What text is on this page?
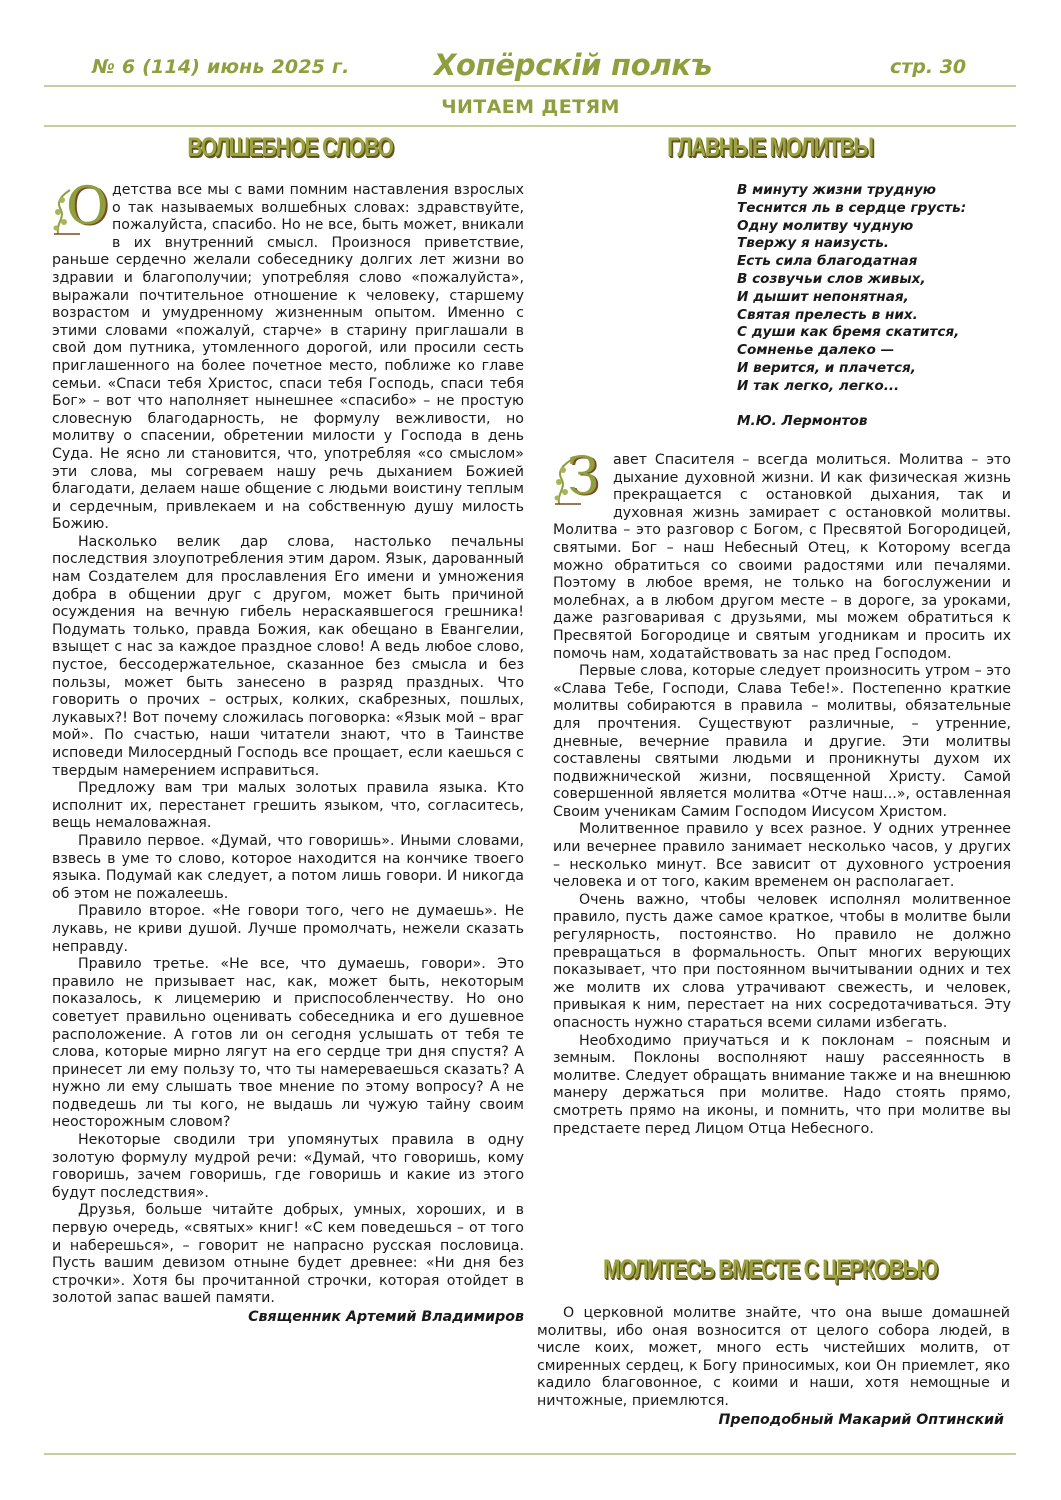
№ 6 (114) июнь 2025 г.	Хопёрскiй полкъ	стр. 30
ЧИТАЕМ ДЕТЯМ
ВОЛШЕБНОЕ СЛОВО
О детства все мы с вами помним наставления взрослых о так называемых волшебных словах: здравствуйте, пожалуйста, спасибо. Но не все, быть может, вникали в их внутренний смысл. Произнося приветствие, раньше сердечно желали собеседнику долгих лет жизни во здравии и благополучии; употребляя слово «пожалуйста», выражали почтительное отношение к человеку, старшему возрастом и умудренному жизненным опытом. Именно с этими словами «пожалуй, старче» в старину приглашали в свой дом путника, утомленного дорогой, или просили сесть приглашенного на более почетное место, поближе ко главе семьи. «Спаси тебя Христос, спаси тебя Господь, спаси тебя Бог» – вот что наполняет нынешнее «спасибо» – не простую словесную благодарность, не формулу вежливости, но молитву о спасении, обретении милости у Господа в день Суда. Не ясно ли становится, что, употребляя «со смыслом» эти слова, мы согреваем нашу речь дыханием Божией благодати, делаем наше общение с людьми воистину теплым и сердечным, привлекаем и на собственную душу милость Божию.

Насколько велик дар слова, настолько печальны последствия злоупотребления этим даром. Язык, дарованный нам Создателем для прославления Его имени и умножения добра в общении друг с другом, может быть причиной осуждения на вечную гибель нераскаявшегося грешника! Подумать только, правда Божия, как обещано в Евангелии, взыщет с нас за каждое праздное слово! А ведь любое слово, пустое, бессодержательное, сказанное без смысла и без пользы, может быть занесено в разряд праздных. Что говорить о прочих – острых, колких, скабрезных, пошлых, лукавых?! Вот почему сложилась поговорка: «Язык мой – враг мой». По счастью, наши читатели знают, что в Таинстве исповеди Милосердный Господь все прощает, если каешься с твердым намерением исправиться.

Предложу вам три малых золотых правила языка. Кто исполнит их, перестанет грешить языком, что, согласитесь, вещь немаловажная.

Правило первое. «Думай, что говоришь». Иными словами, взвесь в уме то слово, которое находится на кончике твоего языка. Подумай как следует, а потом лишь говори. И никогда об этом не пожалеешь.

Правило второе. «Не говори того, чего не думаешь». Не лукавь, не криви душой. Лучше промолчать, нежели сказать неправду.

Правило третье. «Не все, что думаешь, говори». Это правило не призывает нас, как, может быть, некоторым показалось, к лицемерию и приспособленчеству. Но оно советует правильно оценивать собеседника и его душевное расположение. А готов ли он сегодня услышать от тебя те слова, которые мирно лягут на его сердце три дня спустя? А принесет ли ему пользу то, что ты намереваешься сказать? А нужно ли ему слышать твое мнение по этому вопросу? А не подведешь ли ты кого, не выдашь ли чужую тайну своим неосторожным словом?

Некоторые сводили три упомянутых правила в одну золотую формулу мудрой речи: «Думай, что говоришь, кому говоришь, зачем говоришь, где говоришь и какие из этого будут последствия».

Друзья, больше читайте добрых, умных, хороших, и в первую очередь, «святых» книг! «С кем поведешься – от того и наберешься», – говорит не напрасно русская пословица. Пусть вашим девизом отныне будет древнее: «Ни дня без строчки». Хотя бы прочитанной строчки, которая отойдет в золотой запас вашей памяти.

Священник Артемий Владимиров
ГЛАВНЫЕ МОЛИТВЫ
В минуту жизни трудную
Теснится ль в сердце грусть:
Одну молитву чудную
Твержу я наизусть.
Есть сила благодатная
В созвучьи слов живых,
И дышит непонятная,
Святая прелесть в них.
С души как бремя скатится,
Сомненье далеко —
И верится, и плачется,
И так легко, легко...
М.Ю. Лермонтов
З авет Спасителя – всегда молиться. Молитва – это дыхание духовной жизни. И как физическая жизнь прекращается с остановкой дыхания, так и духовная жизнь замирает с остановкой молитвы. Молитва – это разговор с Богом, с Пресвятой Богородицей, святыми. Бог – наш Небесный Отец, к Которому всегда можно обратиться со своими радостями или печалями. Поэтому в любое время, не только на богослужении и молебнах, а в любом другом месте – в дороге, за уроками, даже разговаривая с друзьями, мы можем обратиться к Пресвятой Богородице и святым угодникам и просить их помочь нам, ходатайствовать за нас пред Господом.

Первые слова, которые следует произносить утром – это «Слава Тебе, Господи, Слава Тебе!». Постепенно краткие молитвы собираются в правила – молитвы, обязательные для прочтения. Существуют различные, – утренние, дневные, вечерние правила и другие. Эти молитвы составлены святыми людьми и проникнуты духом их подвижнической жизни, посвященной Христу. Самой совершенной является молитва «Отче наш...», оставленная Своим ученикам Самим Господом Иисусом Христом.

Молитвенное правило у всех разное. У одних утреннее или вечернее правило занимает несколько часов, у других – несколько минут. Все зависит от духовного устроения человека и от того, каким временем он располагает.

Очень важно, чтобы человек исполнял молитвенное правило, пусть даже самое краткое, чтобы в молитве были регулярность, постоянство. Но правило не должно превращаться в формальность. Опыт многих верующих показывает, что при постоянном вычитывании одних и тех же молитв их слова утрачивают свежесть, и человек, привыкая к ним, перестает на них сосредотачиваться. Эту опасность нужно стараться всеми силами избегать.

Необходимо приучаться и к поклонам – поясным и земным. Поклоны восполняют нашу рассеянность в молитве. Следует обращать внимание также и на внешнюю манеру держаться при молитве. Надо стоять прямо, смотреть прямо на иконы, и помнить, что при молитве вы предстаете перед Лицом Отца Небесного.

МОЛИТЕСЬ ВМЕСТЕ С ЦЕРКОВЬЮ

О церковной молитве знайте, что она выше домашней молитвы, ибо оная возносится от целого собора людей, в числе коих, может, много есть чистейших молитв, от смиренных сердец, к Богу приносимых, кои Он приемлет, яко кадило благовонное, с коими и наши, хотя немощные и ничтожные, приемлются.

Преподобный Макарий Оптинский
